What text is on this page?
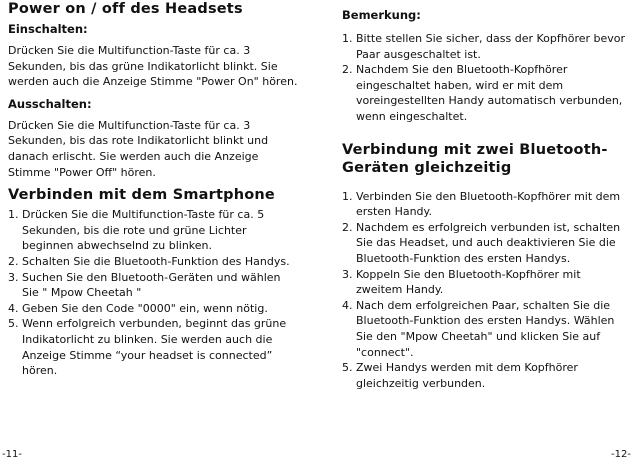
Power on / off des Headsets
Einschalten:
Drücken Sie die Multifunction-Taste für ca. 3 Sekunden, bis das grüne Indikatorlicht blinkt. Sie werden auch die Anzeige Stimme "Power On" hören.
Ausschalten:
Drücken Sie die Multifunction-Taste für ca. 3 Sekunden, bis das rote Indikatorlicht blinkt und danach erlischt. Sie werden auch die Anzeige Stimme "Power Off" hören.
Verbinden mit dem Smartphone
1. Drücken Sie die Multifunction-Taste für ca. 5 Sekunden, bis die rote und grüne Lichter beginnen abwechselnd zu blinken.
2. Schalten Sie die Bluetooth-Funktion des Handys.
3. Suchen Sie den Bluetooth-Geräten und wählen Sie " Mpow Cheetah "
4. Geben Sie den Code "0000" ein, wenn nötig.
5. Wenn erfolgreich verbunden, beginnt das grüne Indikatorlicht zu blinken. Sie werden auch die Anzeige Stimme “your headset is connected” hören.
Bemerkung:
1. Bitte stellen Sie sicher, dass der Kopfhörer bevor Paar ausgeschaltet ist.
2. Nachdem Sie den Bluetooth-Kopfhörer eingeschaltet haben, wird er mit dem voreingestellten Handy automatisch verbunden, wenn eingeschaltet.
Verbindung mit zwei Bluetooth-
Geräten gleichzeitig
1. Verbinden Sie den Bluetooth-Kopfhörer mit dem ersten Handy.
2. Nachdem es erfolgreich verbunden ist, schalten Sie das Headset, und auch deaktivieren Sie die Bluetooth-Funktion des ersten Handys.
3. Koppeln Sie den Bluetooth-Kopfhörer mit zweitem Handy.
4. Nach dem erfolgreichen Paar, schalten Sie die Bluetooth-Funktion des ersten Handys. Wählen Sie den "Mpow Cheetah" und klicken Sie auf "connect".
5. Zwei Handys werden mit dem Kopfhörer gleichzeitig verbunden.
-11-	-12-
